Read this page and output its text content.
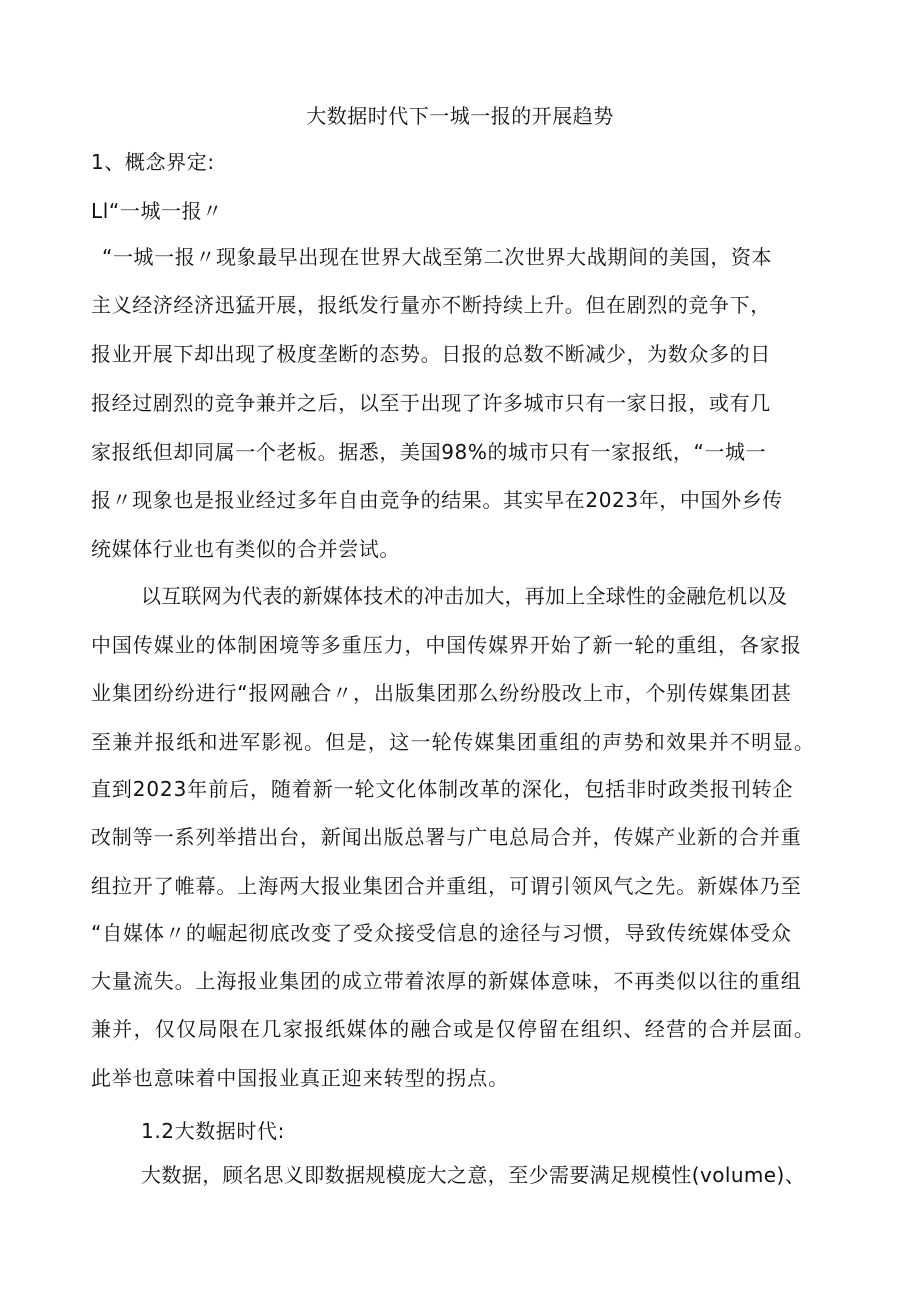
大数据时代下一城一报的开展趋势
1、概念界定:
Ll“一城一报〃
“一城一报〃现象最早出现在世界大战至第二次世界大战期间的美国，资本
主义经济经济迅猛开展，报纸发行量亦不断持续上升。但在剧烈的竞争下，
报业开展下却出现了极度垄断的态势。日报的总数不断减少，为数众多的日
报经过剧烈的竞争兼并之后，以至于出现了许多城市只有一家日报，或有几
家报纸但却同属一个老板。据悉，美国98%的城市只有一家报纸，“一城一
报〃现象也是报业经过多年自由竞争的结果。其实早在2023年，中国外乡传
统媒体行业也有类似的合并尝试。
以互联网为代表的新媒体技术的冲击加大，再加上全球性的金融危机以及
中国传媒业的体制困境等多重压力，中国传媒界开始了新一轮的重组，各家报
业集团纷纷进行“报网融合〃，出版集团那么纷纷股改上市，个别传媒集团甚
至兼并报纸和进军影视。但是，这一轮传媒集团重组的声势和效果并不明显。
直到2023年前后，随着新一轮文化体制改革的深化，包括非时政类报刊转企
改制等一系列举措出台，新闻出版总署与广电总局合并，传媒产业新的合并重
组拉开了帷幕。上海两大报业集团合并重组，可谓引领风气之先。新媒体乃至
“自媒体〃的崛起彻底改变了受众接受信息的途径与习惯，导致传统媒体受众
大量流失。上海报业集团的成立带着浓厚的新媒体意味，不再类似以往的重组
兼并，仅仅局限在几家报纸媒体的融合或是仅停留在组织、经营的合并层面。
此举也意味着中国报业真正迎来转型的拐点。
1.2大数据时代:
大数据，顾名思义即数据规模庞大之意，至少需要满足规模性(volume)、
